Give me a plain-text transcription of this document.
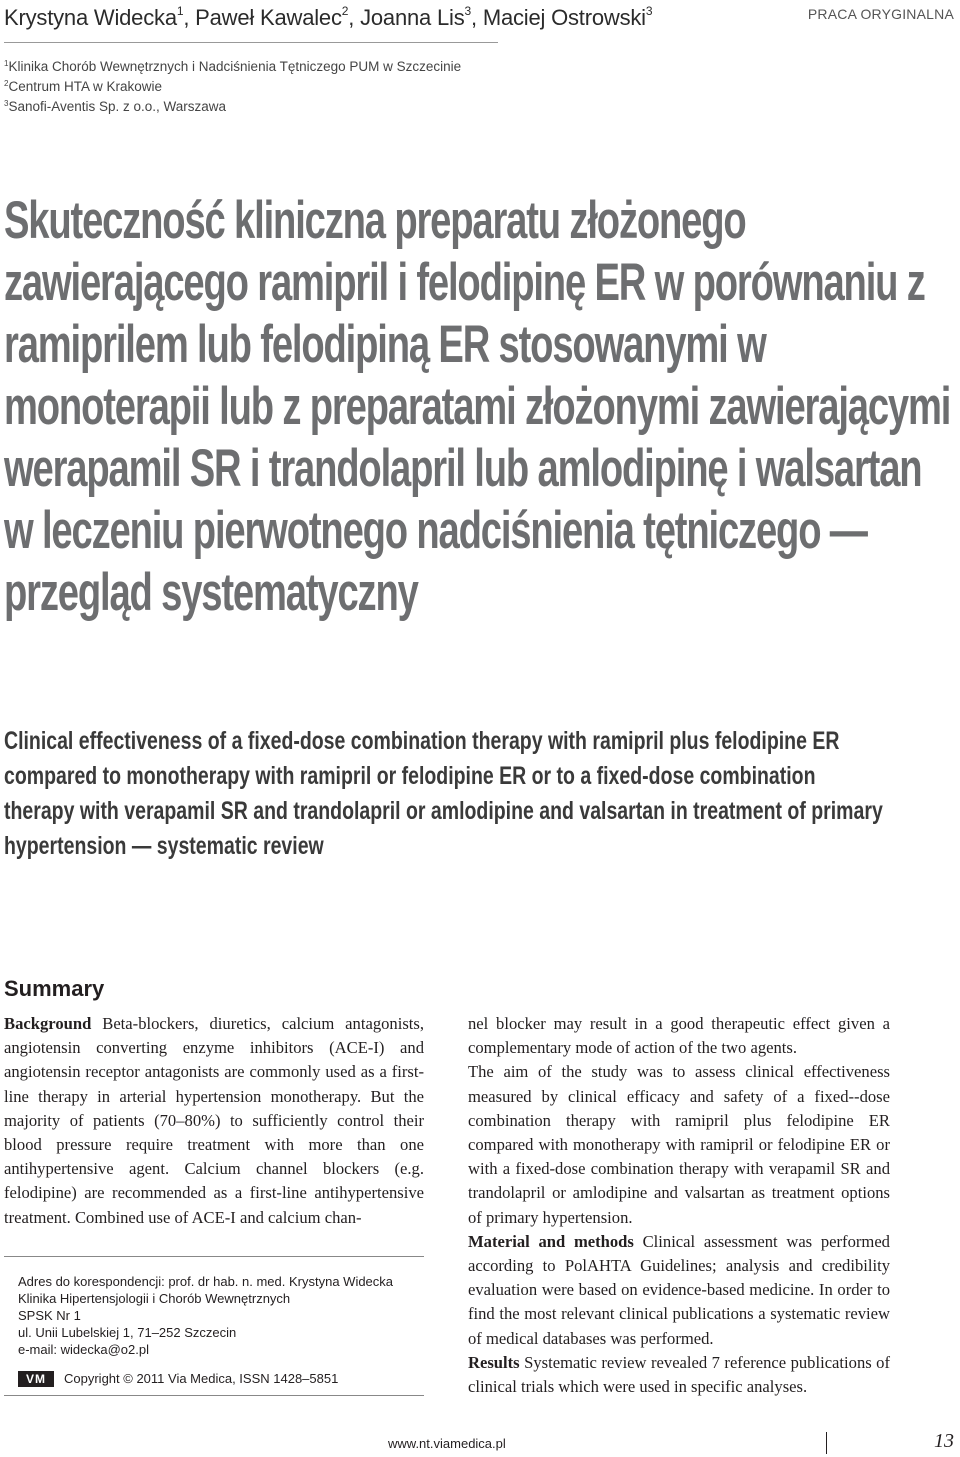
Krystyna Widecka$^1$, Paweł Kawalec$^2$, Joanna Lis$^3$, Maciej Ostrowski$^3$	PRACA ORYGINALNA
$^1$Klinika Chorób Wewnętrznych i Nadciśnienia Tętniczego PUM w Szczecinie
$^2$Centrum HTA w Krakowie
$^3$Sanofi-Aventis Sp. z o.o., Warszawa
Skuteczność kliniczna preparatu złożonego zawierającego ramipril i felodipinę ER w porównaniu z ramiprilem lub felodipiną ER stosowanymi w monoterapii lub z preparatami złożonymi zawierającymi werapamil SR i trandolapril lub amlodipinę i walsartan w leczeniu pierwotnego nadciśnienia tętniczego — przegląd systematyczny
Clinical effectiveness of a fixed-dose combination therapy with ramipril plus felodipine ER compared to monotherapy with ramipril or felodipine ER or to a fixed-dose combination therapy with verapamil SR and trandolapril or amlodipine and valsartan in treatment of primary hypertension — systematic review
Summary

Background Beta-blockers, diuretics, calcium antagonists, angiotensin converting enzyme inhibitors (ACE-I) and angiotensin receptor antagonists are commonly used as a first-line therapy in arterial hypertension monotherapy. But the majority of patients (70–80%) to sufficiently control their blood pressure require treatment with more than one antihypertensive agent. Calcium channel blockers (e.g. felodipine) are recommended as a first-line antihypertensive treatment. Combined use of ACE-I and calcium chan-

nel blocker may result in a good therapeutic effect given a complementary mode of action of the two agents.

The aim of the study was to assess clinical effectiveness measured by clinical efficacy and safety of a fixed--dose combination therapy with ramipril plus felodipine ER compared with monotherapy with ramipril or felodipine ER or with a fixed-dose combination therapy with verapamil SR and trandolapril or amlodipine and valsartan as treatment options of primary hypertension.

Material and methods Clinical assessment was performed according to PolAHTA Guidelines; analysis and credibility evaluation were based on evidence-based medicine. In order to find the most relevant clinical publications a systematic review of medical databases was performed.

Results Systematic review revealed 7 reference publications of clinical trials which were used in specific analyses.

Adres do korespondencji: prof. dr hab. n. med. Krystyna Widecka
Klinika Hipertensjologii i Chorób Wewnętrznych
SPSK Nr 1
ul. Unii Lubelskiej 1, 71–252 Szczecin
e-mail: widecka@o2.pl
VM	Copyright © 2011 Via Medica, ISSN 1428–5851
www.nt.viamedica.pl	13
